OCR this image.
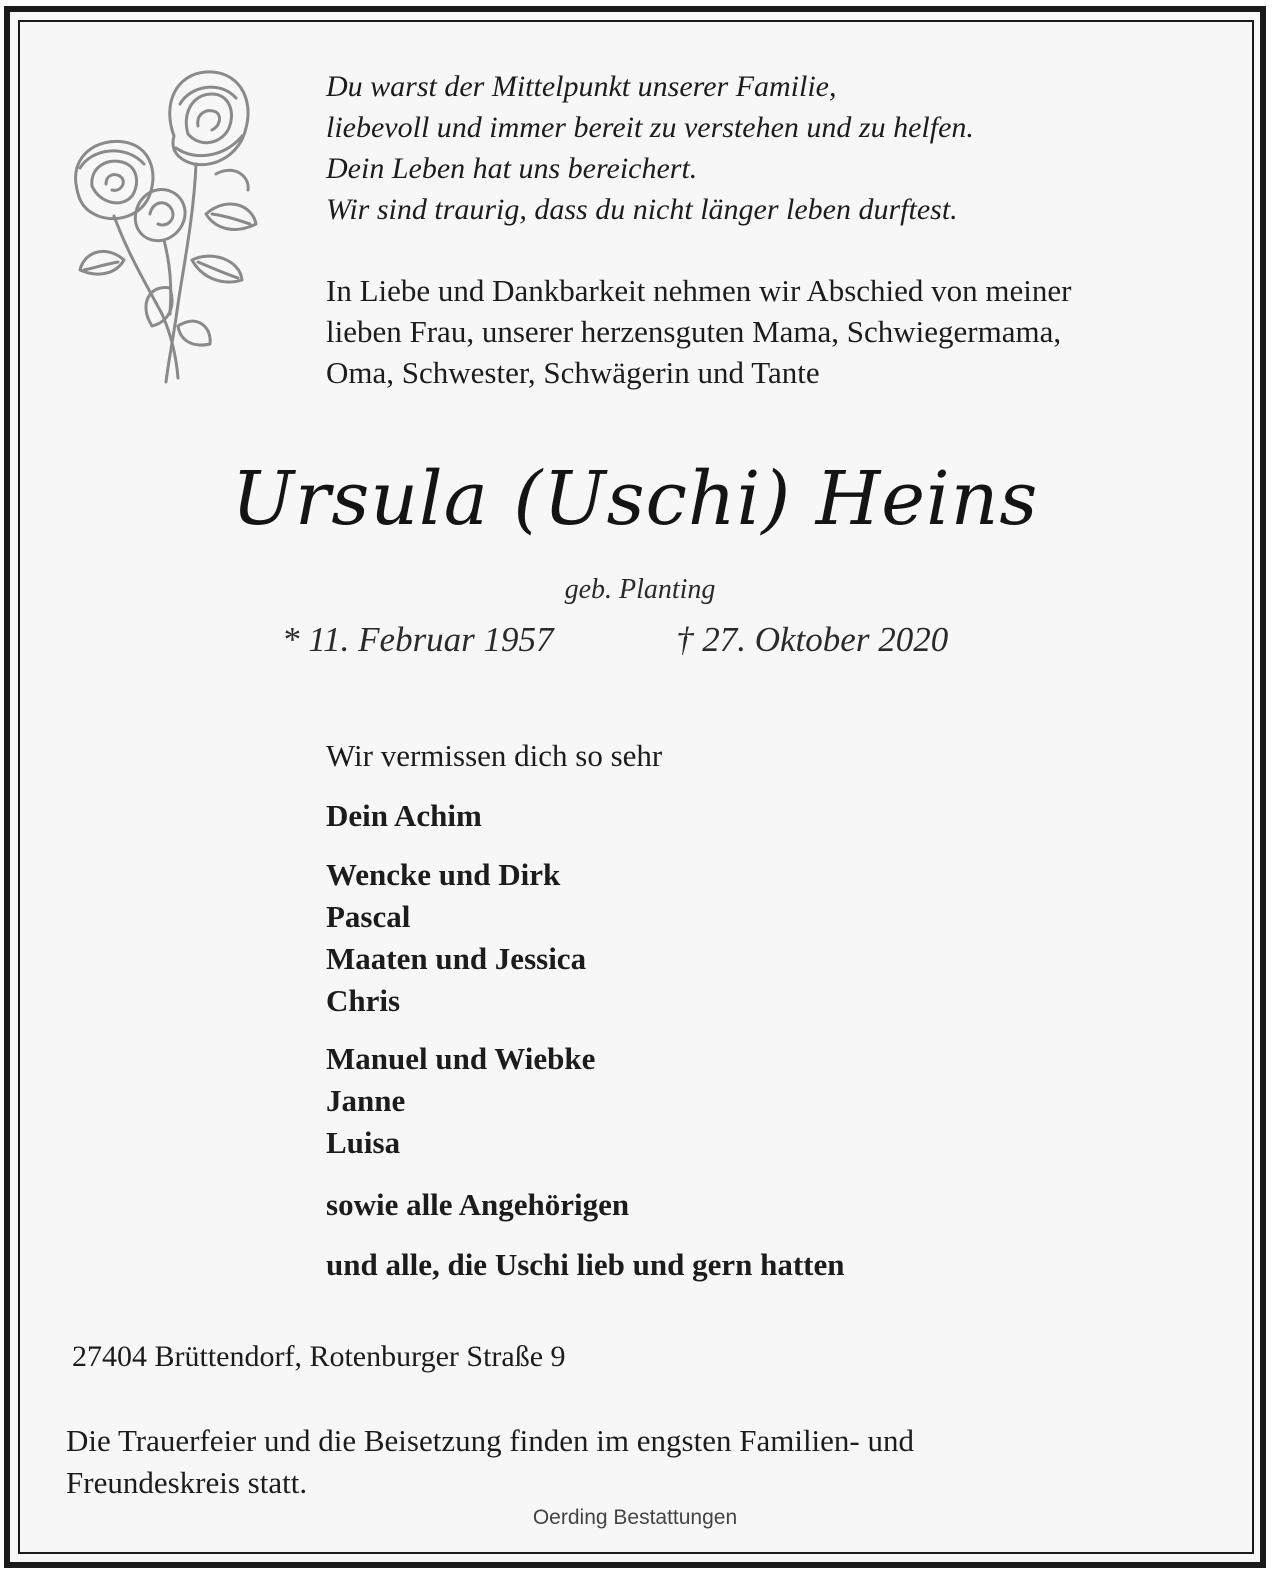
Du warst der Mittelpunkt unserer Familie,
liebevoll und immer bereit zu verstehen und zu helfen.
Dein Leben hat uns bereichert.
Wir sind traurig, dass du nicht länger leben durftest.
In Liebe und Dankbarkeit nehmen wir Abschied von meiner
lieben Frau, unserer herzensguten Mama, Schwiegermama,
Oma, Schwester, Schwägerin und Tante
Ursula (Uschi) Heins
geb. Planting
* 11. Februar 1957	† 27. Oktober 2020
Wir vermissen dich so sehr
Dein Achim
Wencke und Dirk
Pascal
Maaten und Jessica
Chris
Manuel und Wiebke
Janne
Luisa
sowie alle Angehörigen
und alle, die Uschi lieb und gern hatten
27404 Brüttendorf, Rotenburger Straße 9
Die Trauerfeier und die Beisetzung finden im engsten Familien- und
Freundeskreis statt.
Oerding Bestattungen
